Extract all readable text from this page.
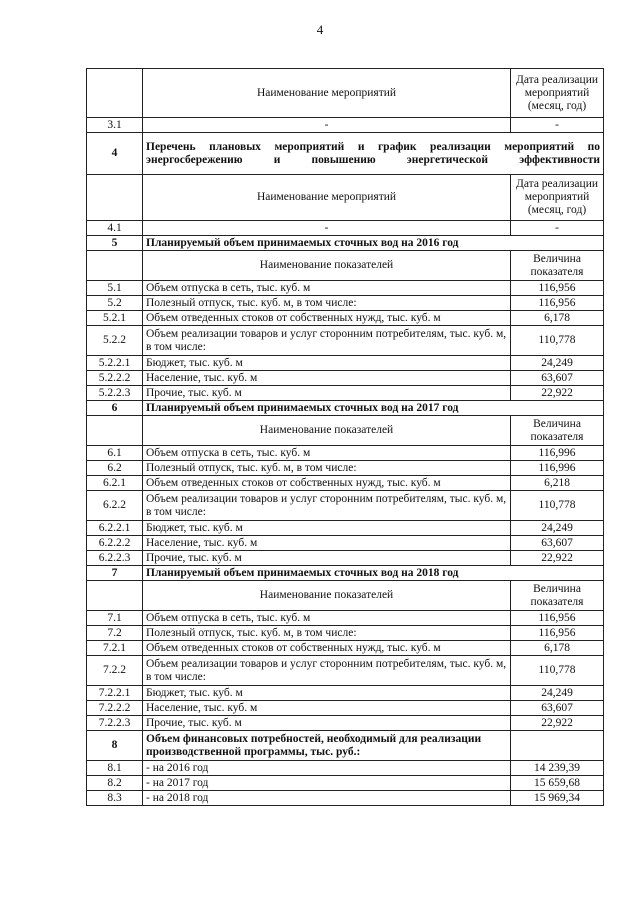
4
	Наименование мероприятий	Дата реализации мероприятий (месяц, год)
3.1	-	-
4	Перечень плановых мероприятий и график реализации мероприятий по энергосбережению и повышению энергетической эффективности	
	Наименование мероприятий	Дата реализации мероприятий (месяц, год)
4.1	-	-
5	Планируемый объем принимаемых сточных вод на 2016 год	
	Наименование показателей	Величина показателя
5.1	Объем отпуска в сеть, тыс. куб. м	116,956
5.2	Полезный отпуск, тыс. куб. м, в том числе:	116,956
5.2.1	Объем отведенных стоков от собственных нужд, тыс. куб. м	6,178
5.2.2	Объем реализации товаров и услуг сторонним потребителям, тыс. куб. м, в том числе:	110,778
5.2.2.1	Бюджет, тыс. куб. м	24,249
5.2.2.2	Население, тыс. куб. м	63,607
5.2.2.3	Прочие, тыс. куб. м	22,922
6	Планируемый объем принимаемых сточных вод на 2017 год	
	Наименование показателей	Величина показателя
6.1	Объем отпуска в сеть, тыс. куб. м	116,996
6.2	Полезный отпуск, тыс. куб. м, в том числе:	116,996
6.2.1	Объем отведенных стоков от собственных нужд, тыс. куб. м	6,218
6.2.2	Объем реализации товаров и услуг сторонним потребителям, тыс. куб. м, в том числе:	110,778
6.2.2.1	Бюджет, тыс. куб. м	24,249
6.2.2.2	Население, тыс. куб. м	63,607
6.2.2.3	Прочие, тыс. куб. м	22,922
7	Планируемый объем принимаемых сточных вод на 2018 год	
	Наименование показателей	Величина показателя
7.1	Объем отпуска в сеть, тыс. куб. м	116,956
7.2	Полезный отпуск, тыс. куб. м, в том числе:	116,956
7.2.1	Объем отведенных стоков от собственных нужд, тыс. куб. м	6,178
7.2.2	Объем реализации товаров и услуг сторонним потребителям, тыс. куб. м, в том числе:	110,778
7.2.2.1	Бюджет, тыс. куб. м	24,249
7.2.2.2	Население, тыс. куб. м	63,607
7.2.2.3	Прочие, тыс. куб. м	22,922
8	Объем финансовых потребностей, необходимый для реализации производственной программы, тыс. руб.:	
8.1	- на 2016 год	14 239,39
8.2	- на 2017 год	15 659,68
8.3	- на 2018 год	15 969,34
